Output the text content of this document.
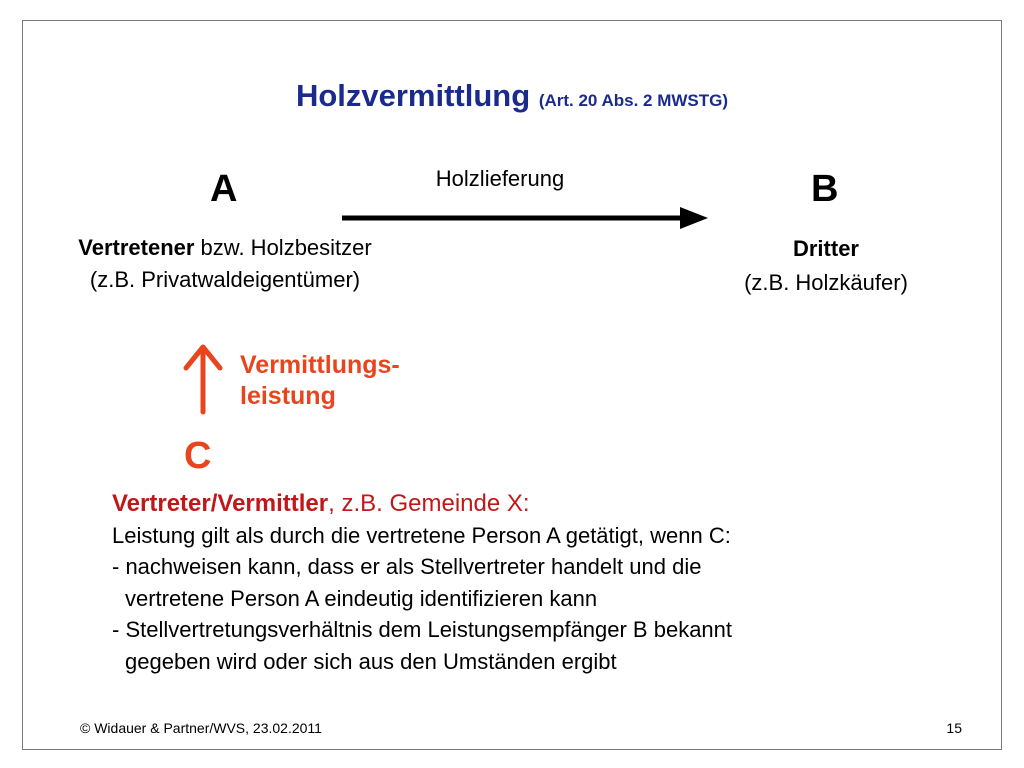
Holzvermittlung (Art. 20 Abs. 2 MWSTG)
A	B
Holzlieferung
Vertretener bzw. Holzbesitzer
(z.B. Privatwaldeigentümer)
Dritter
(z.B. Holzkäufer)
Vermittlungs-
leistung
C
Vertreter/Vermittler, z.B. Gemeinde X:
Leistung gilt als durch die vertretene Person A getätigt, wenn C:
- nachweisen kann, dass er als Stellvertreter handelt und die
vertretene Person A eindeutig identifizieren kann
- Stellvertretungsverhältnis dem Leistungsempfänger B bekannt
gegeben wird oder sich aus den Umständen ergibt
© Widauer & Partner/WVS, 23.02.2011	15
